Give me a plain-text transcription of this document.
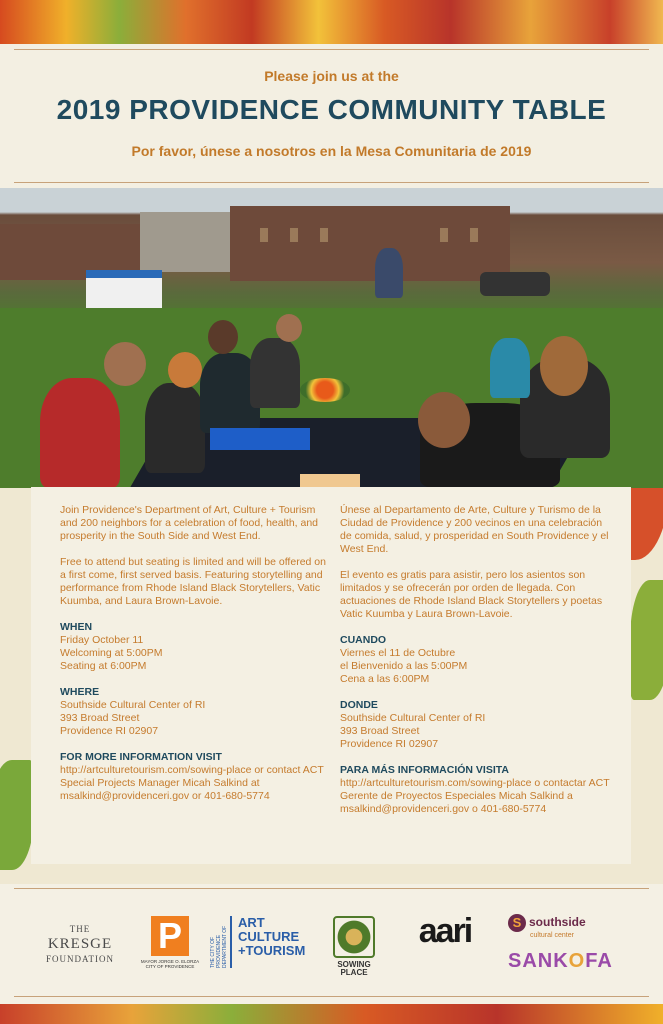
Please join us at the
2019 PROVIDENCE COMMUNITY TABLE
Por favor, únese a nosotros en la Mesa Comunitaria de 2019

Join Providence's Department of Art, Culture + Tourism and 200 neighbors for a celebration of food, health, and prosperity in the South Side and West End.

Free to attend but seating is limited and will be offered on a first come, first served basis. Featuring storytelling and performance from Rhode Island Black Storytellers, Vatic Kuumba, and Laura Brown-Lavoie.

WHEN
Friday October 11
Welcoming at 5:00PM
Seating at 6:00PM
WHERE
Southside Cultural Center of RI
393 Broad Street
Providence RI 02907
FOR MORE INFORMATION VISIT
http://artculturetourism.com/sowing-place or contact ACT Special Projects Manager Micah Salkind at msalkind@providenceri.gov or 401-680-5774

Únese al Departamento de Arte, Culture y Turismo de la Ciudad de Providence y 200 vecinos en una celebración de comida, salud, y prosperidad en South Providence y el West End.

El evento es gratis para asistir, pero los asientos son limitados y se ofrecerán por orden de llegada. Con actuaciones de Rhode Island Black Storytellers y poetas Vatic Kuumba y Laura Brown-Lavoie.

CUANDO
Viernes el 11 de Octubre
el Bienvenido a las 5:00PM
Cena a las 6:00PM
DONDE
Southside Cultural Center of RI
393 Broad Street
Providence RI 02907
PARA MÁS INFORMACIÓN VISITA
http://artculturetourism.com/sowing-place o contactar ACT Gerente de Proyectos Especiales Micah Salkind a msalkind@providenceri.gov o 401-680-5774
THE
KRESGE
FOUNDATION
P
MAYOR JORGE O. ELORZA CITY OF PROVIDENCE	THE CITY OF PROVIDENCE DEPARTMENT OF
ART
CULTURE
+TOURISM
SOWING PLACE
aari	S southside
cultural center
SANKOFA
